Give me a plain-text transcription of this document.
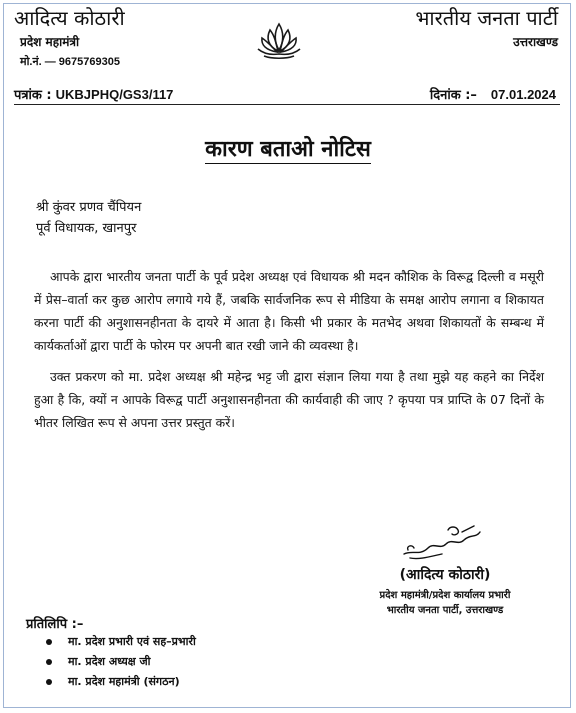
आदित्य कोठारी
प्रदेश महामंत्री
मो.नं. — 9675769305
भारतीय जनता पार्टी
उत्तराखण्ड
पत्रांक : UKBJPHQ/GS3/117	दिनांक :– 07.01.2024
कारण बताओ नोटिस
श्री कुंवर प्रणव चैंपियन
पूर्व विधायक, खानपुर

आपके द्वारा भारतीय जनता पार्टी के पूर्व प्रदेश अध्यक्ष एवं विधायक श्री मदन कौशिक के विरूद्व दिल्ली व मसूरी में प्रेस–वार्ता कर कुछ आरोप लगाये गये हैं, जबकि सार्वजनिक रूप से मीडिया के समक्ष आरोप लगाना व शिकायत करना पार्टी की अनुशासनहीनता के दायरे में आता है। किसी भी प्रकार के मतभेद अथवा शिकायतों के सम्बन्ध में कार्यकर्ताओं द्वारा पार्टी के फोरम पर अपनी बात रखी जाने की व्यवस्था है।

उक्त प्रकरण को मा. प्रदेश अध्यक्ष श्री महेन्द्र भट्ट जी द्वारा संज्ञान लिया गया है तथा मुझे यह कहने का निर्देश हुआ है कि, क्यों न आपके विरूद्व पार्टी अनुशासनहीनता की कार्यवाही की जाए ? कृपया पत्र प्राप्ति के 07 दिनों के भीतर लिखित रूप से अपना उत्तर प्रस्तुत करें।

(आदित्य कोठारी)
प्रदेश महामंत्री/प्रदेश कार्यालय प्रभारी
भारतीय जनता पार्टी, उत्तराखण्ड
प्रतिलिपि :–
मा. प्रदेश प्रभारी एवं सह–प्रभारी
मा. प्रदेश अध्यक्ष जी
मा. प्रदेश महामंत्री (संगठन)
